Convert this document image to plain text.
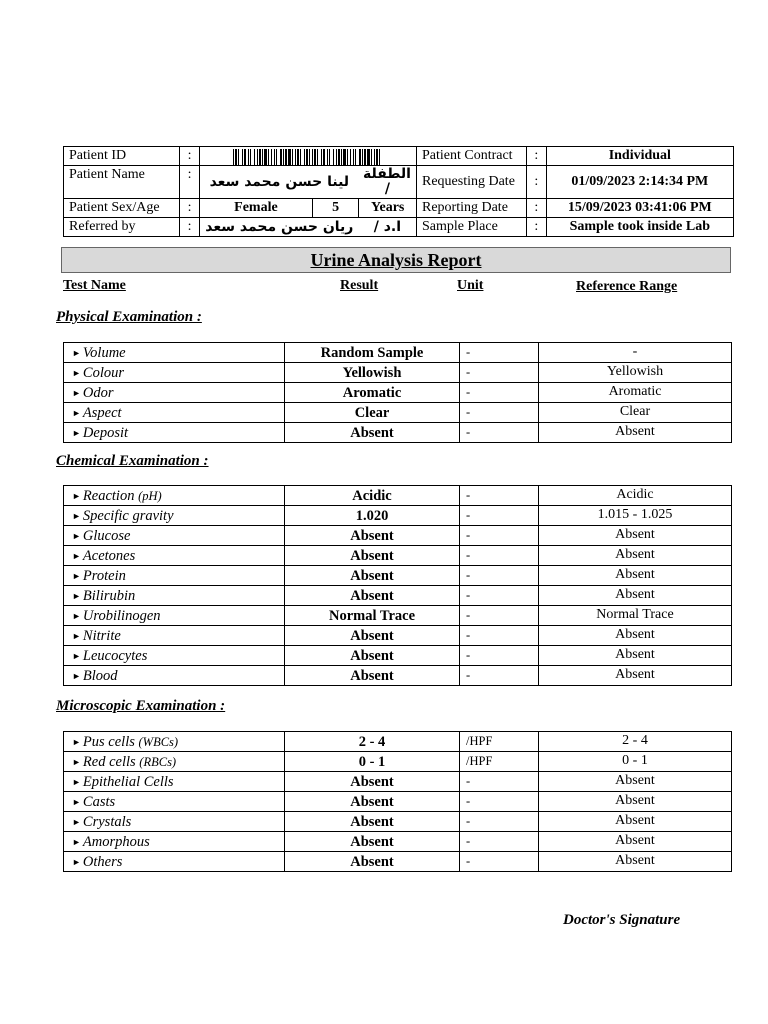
Patient ID	:				Patient Contract	:	Individual
Patient Name	:	لينا حسن محمد سعد		الطفلة /	Requesting Date	:	01/09/2023 2:14:34 PM
Patient Sex/Age	:	Female	5	Years	Reporting Date	:	15/09/2023 03:41:06 PM
Referred by	:	ريان حسن محمد سعد		ا.د /	Sample Place	:	Sample took inside Lab
Urine Analysis Report
Test Name	Result	Unit	Reference Range
Physical Examination :
► Volume	Random Sample	-	-
► Colour	Yellowish	-	Yellowish
► Odor	Aromatic	-	Aromatic
► Aspect	Clear	-	Clear
► Deposit	Absent	-	Absent
Chemical Examination :
► Reaction (pH)	Acidic	-	Acidic
► Specific gravity	1.020	-	1.015 - 1.025
► Glucose	Absent	-	Absent
► Acetones	Absent	-	Absent
► Protein	Absent	-	Absent
► Bilirubin	Absent	-	Absent
► Urobilinogen	Normal Trace	-	Normal Trace
► Nitrite	Absent	-	Absent
► Leucocytes	Absent	-	Absent
► Blood	Absent	-	Absent
Microscopic Examination :
► Pus cells (WBCs)	2 - 4	/HPF	2 - 4
► Red cells (RBCs)	0 - 1	/HPF	0 - 1
► Epithelial Cells	Absent	-	Absent
► Casts	Absent	-	Absent
► Crystals	Absent	-	Absent
► Amorphous	Absent	-	Absent
► Others	Absent	-	Absent
Doctor's Signature
